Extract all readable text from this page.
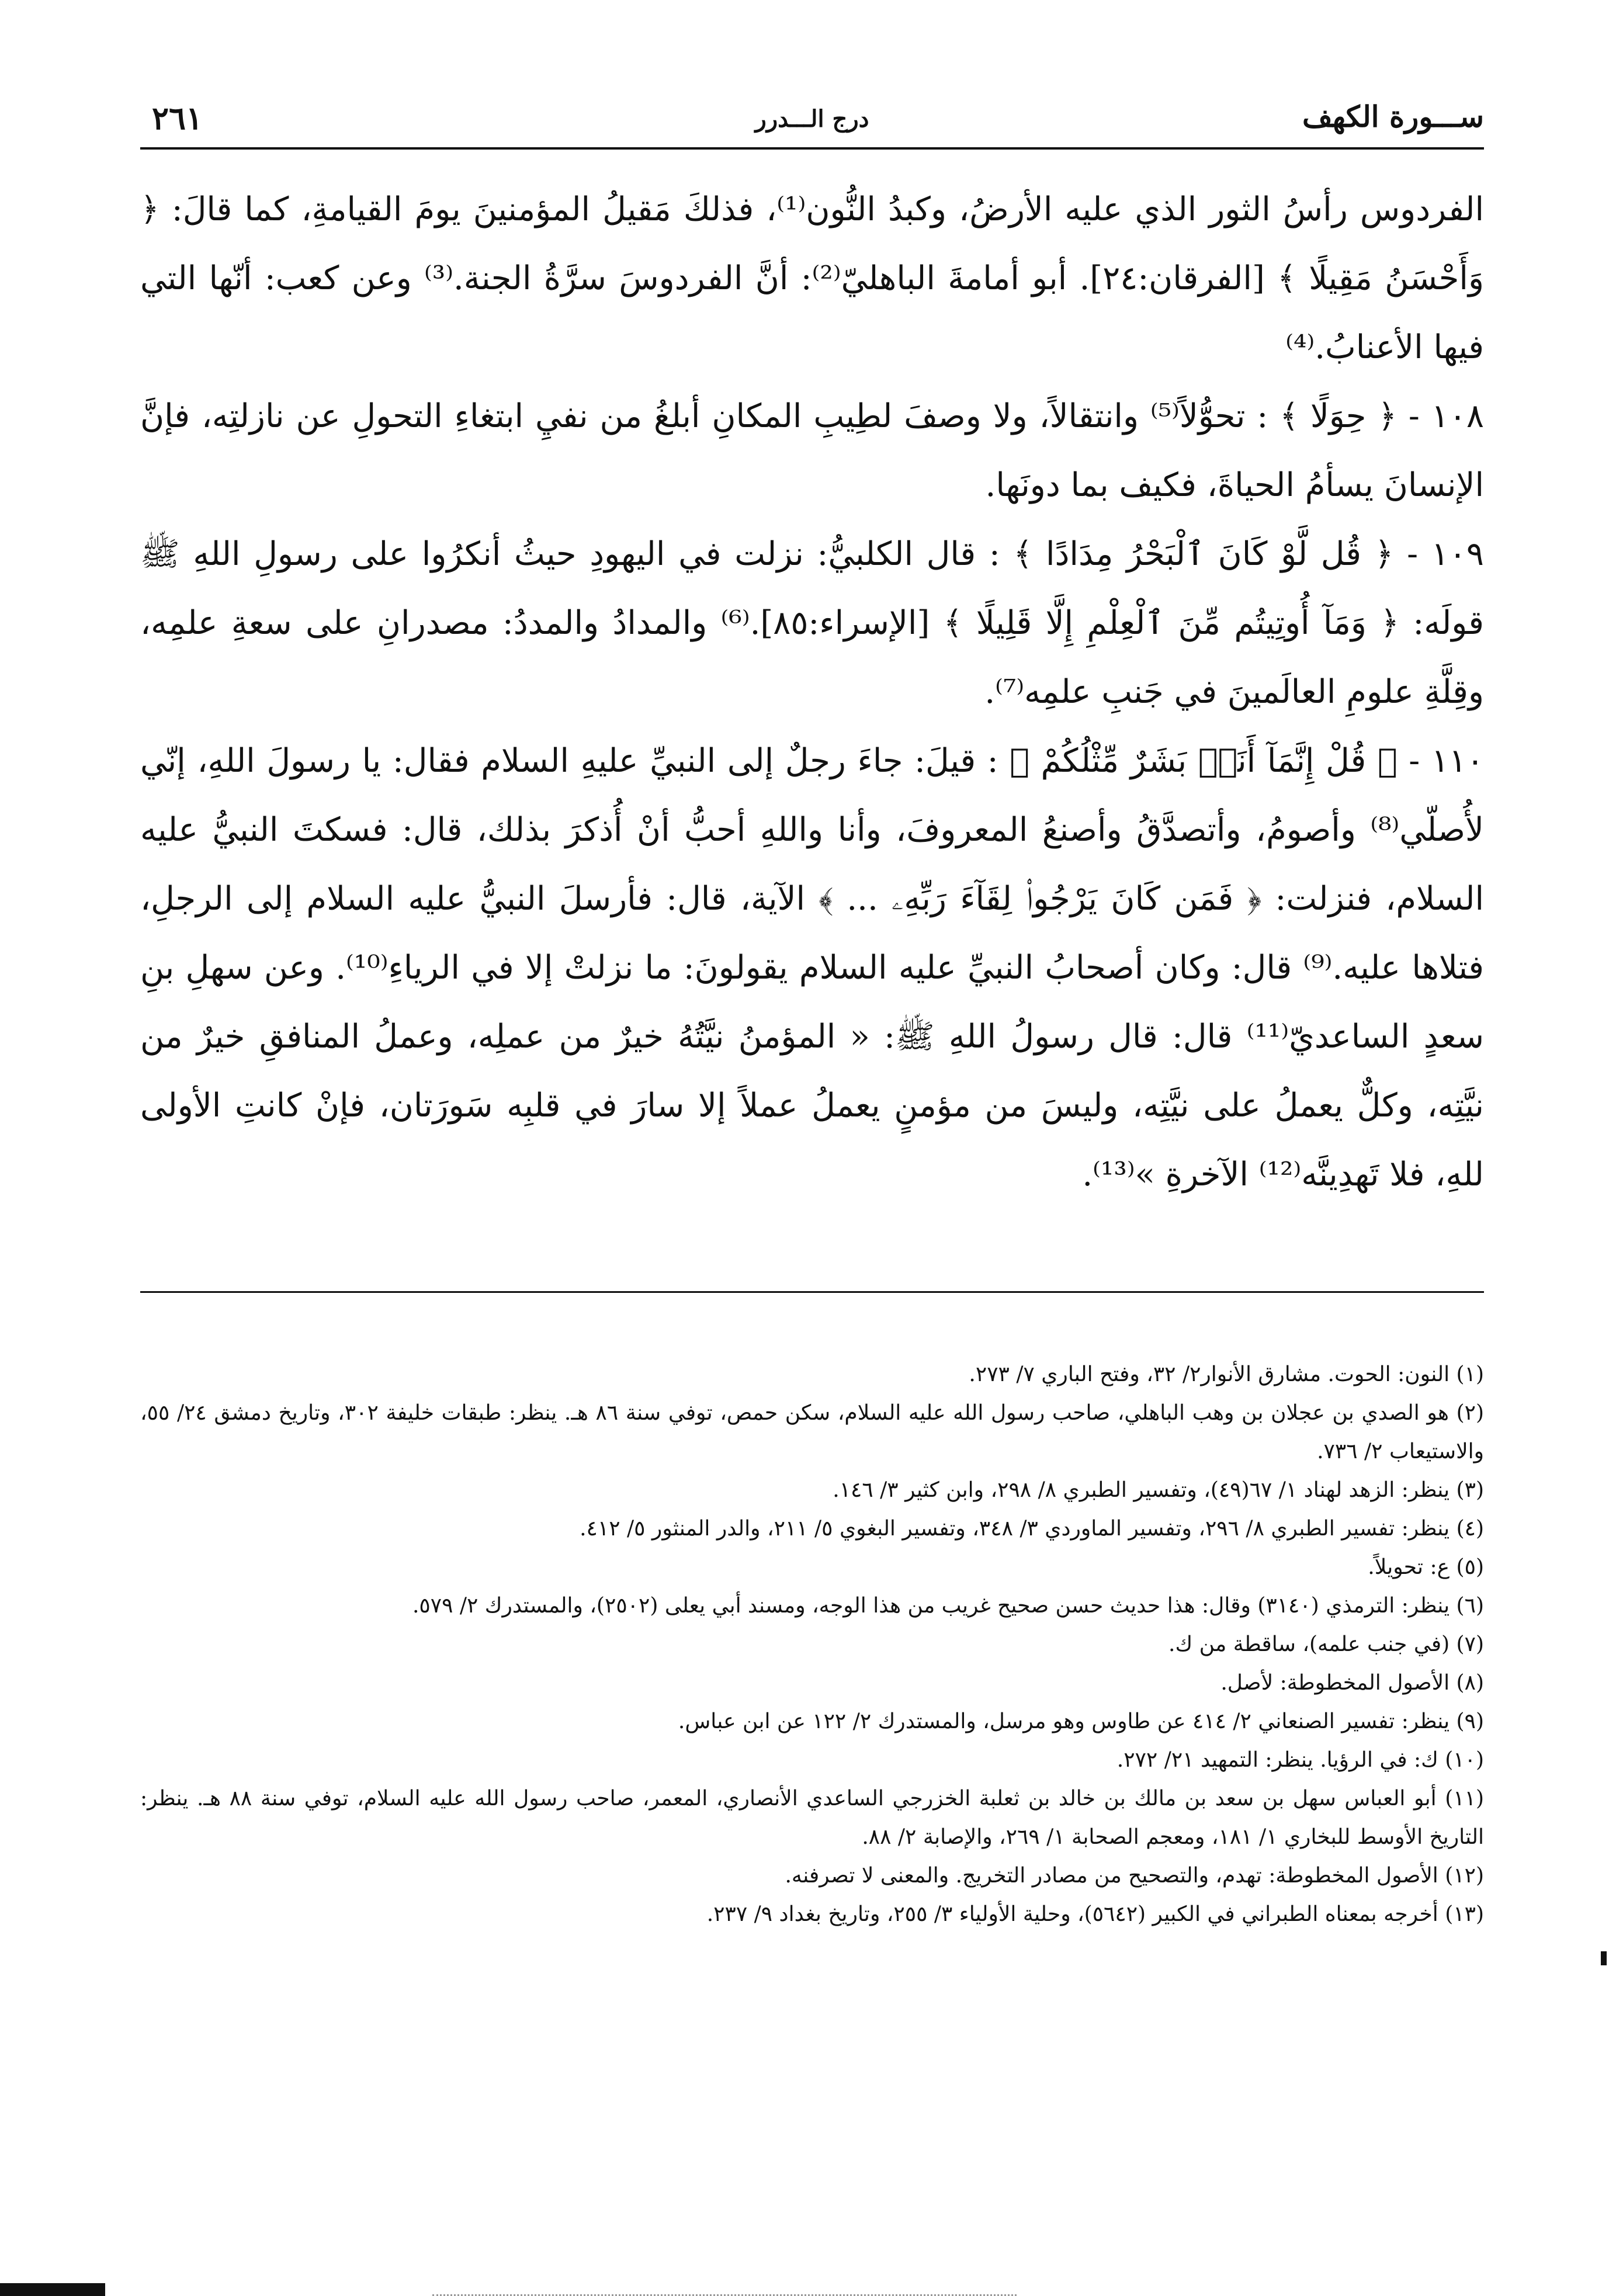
ســـورة الكهف
درج الـــدرر
٢٦١

الفردوس رأسُ الثور الذي عليه الأرضُ، وكبدُ النُّون⁽¹⁾، فذلكَ مَقيلُ المؤمنينَ يومَ القيامةِ، كما قالَ: ﴿ وَأَحْسَنُ مَقِيلًا ﴾ [الفرقان:٢٤]. أبو أمامةَ الباهليّ⁽²⁾: أنَّ الفردوسَ سرَّةُ الجنة.⁽³⁾ وعن كعب: أنّها التي فيها الأعنابُ.⁽⁴⁾

١٠٨ - ﴿ حِوَلًا ﴾ : تحوُّلاً⁽⁵⁾ وانتقالاً، ولا وصفَ لطِيبِ المكانِ أبلغُ من نفيِ ابتغاءِ التحولِ عن نازلتِه، فإنَّ الإنسانَ يسأمُ الحياةَ، فكيف بما دونَها.

١٠٩ - ﴿ قُل لَّوْ كَانَ ٱلْبَحْرُ مِدَادًا ﴾ : قال الكلبيُّ: نزلت في اليهودِ حيثُ أنكرُوا على رسولِ اللهِ ﷺ قولَه: ﴿ وَمَآ أُوتِيتُم مِّنَ ٱلْعِلْمِ إِلَّا قَلِيلًا ﴾ [الإسراء:٨٥].⁽⁶⁾ والمدادُ والمددُ: مصدرانِ على سعةِ علمِه، وقِلَّةِ علومِ العالَمينَ في جَنبِ علمِه⁽⁷⁾.

١١٠ - ﴿ قُلْ إِنَّمَآ أَنَا۠ بَشَرٌ مِّثْلُكُمْ ﴾ : قيلَ: جاءَ رجلٌ إلى النبيِّ عليهِ السلام فقال: يا رسولَ اللهِ، إنّي لأُصلّي⁽⁸⁾ وأصومُ، وأتصدَّقُ وأصنعُ المعروفَ، وأنا واللهِ أحبُّ أنْ أُذكرَ بذلك، قال: فسكتَ النبيُّ عليه السلام، فنزلت: ﴿ فَمَن كَانَ يَرْجُوا۟ لِقَآءَ رَبِّهِۦ ... ﴾ الآية، قال: فأرسلَ النبيُّ عليه السلام إلى الرجلِ، فتلاها عليه.⁽⁹⁾ قال: وكان أصحابُ النبيِّ عليه السلام يقولونَ: ما نزلتْ إلا في الرياءِ⁽¹⁰⁾. وعن سهلِ بنِ سعدٍ الساعديّ⁽¹¹⁾ قال: قال رسولُ اللهِ ﷺ: « المؤمنُ نيَّتُهُ خيرٌ من عملِه، وعملُ المنافقِ خيرٌ من نيَّتِه، وكلٌّ يعملُ على نيَّتِه، وليسَ من مؤمنٍ يعملُ عملاً إلا سارَ في قلبِه سَورَتان، فإنْ كانتِ الأولى للهِ، فلا تَهدِينَّه⁽¹²⁾ الآخرةِ »⁽¹³⁾.

(١) النون: الحوت. مشارق الأنوار٢/ ٣٢، وفتح الباري ٧/ ٢٧٣.

(٢) هو الصدي بن عجلان بن وهب الباهلي، صاحب رسول الله عليه السلام، سكن حمص، توفي سنة ٨٦ هـ. ينظر: طبقات خليفة ٣٠٢، وتاريخ دمشق ٢٤/ ٥٥، والاستيعاب ٢/ ٧٣٦.

(٣) ينظر: الزهد لهناد ١/ ٦٧(٤٩)، وتفسير الطبري ٨/ ٢٩٨، وابن كثير ٣/ ١٤٦.

(٤) ينظر: تفسير الطبري ٨/ ٢٩٦، وتفسير الماوردي ٣/ ٣٤٨، وتفسير البغوي ٥/ ٢١١، والدر المنثور ٥/ ٤١٢.

(٥) ع: تحويلاً.

(٦) ينظر: الترمذي (٣١٤٠) وقال: هذا حديث حسن صحيح غريب من هذا الوجه، ومسند أبي يعلى (٢٥٠٢)، والمستدرك ٢/ ٥٧٩.

(٧) (في جنب علمه)، ساقطة من ك.

(٨) الأصول المخطوطة: لأصل.

(٩) ينظر: تفسير الصنعاني ٢/ ٤١٤ عن طاوس وهو مرسل، والمستدرك ٢/ ١٢٢ عن ابن عباس.

(١٠) ك: في الرؤيا. ينظر: التمهيد ٢١/ ٢٧٢.

(١١) أبو العباس سهل بن سعد بن مالك بن خالد بن ثعلبة الخزرجي الساعدي الأنصاري، المعمر، صاحب رسول الله عليه السلام، توفي سنة ٨٨ هـ. ينظر: التاريخ الأوسط للبخاري ١/ ١٨١، ومعجم الصحابة ١/ ٢٦٩، والإصابة ٢/ ٨٨.

(١٢) الأصول المخطوطة: تهدم، والتصحيح من مصادر التخريج. والمعنى لا تصرفنه.

(١٣) أخرجه بمعناه الطبراني في الكبير (٥٦٤٢)، وحلية الأولياء ٣/ ٢٥٥، وتاريخ بغداد ٩/ ٢٣٧.
